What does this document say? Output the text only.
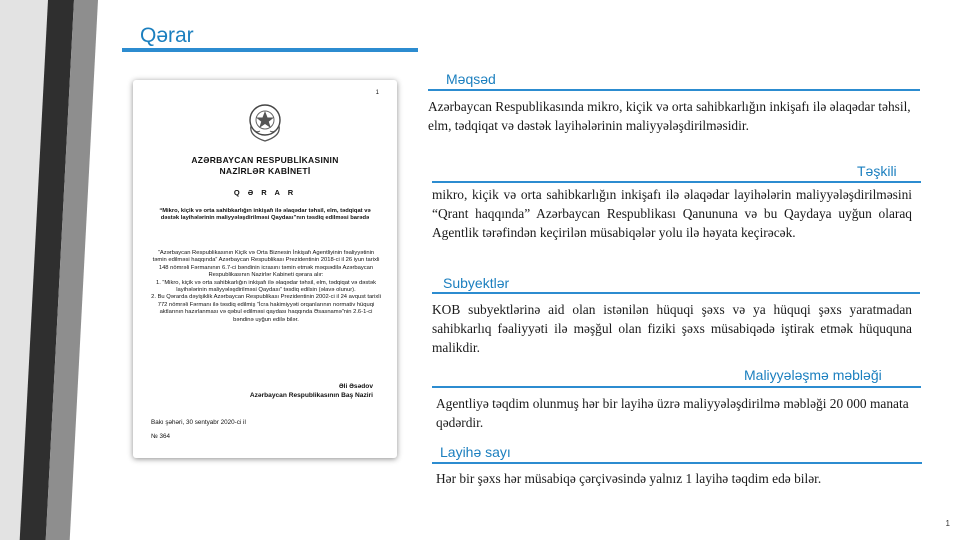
Qərar
1
AZƏRBAYCAN RESPUBLİKASININ
NAZİRLƏR KABİNETİ
Q Ə R A R
“Mikro, kiçik və orta sahibkarlığın inkişafı ilə əlaqədar təhsil, elm, tədqiqat və dəstək layihələrinin maliyyələşdirilməsi Qaydası”nın təsdiq edilməsi barədə

“Azərbaycan Respublikasının Kiçik və Orta Biznesin İnkişafı Agentliyinin fəaliyyətinin təmin edilməsi haqqında” Azərbaycan Respublikası Prezidentinin 2018-ci il 26 iyun tarixli 148 nömrəli Fərmanının 6.7-ci bəndinin icrasını təmin etmək məqsədilə Azərbaycan Respublikasının Nazirlər Kabineti qərara alır:

1. “Mikro, kiçik və orta sahibkarlığın inkişafı ilə əlaqədar təhsil, elm, tədqiqat və dəstək layihələrinin maliyyələşdirilməsi Qaydası” təsdiq edilsin (əlavə olunur).

2. Bu Qərarda dəyişiklik Azərbaycan Respublikası Prezidentinin 2002-ci il 24 avqust tarixli 772 nömrəli Fərmanı ilə təsdiq edilmiş “İcra hakimiyyəti orqanlarının normativ hüquqi aktlarının hazırlanması və qəbul edilməsi qaydası haqqında Əsasnamə”nin 2.6-1-ci bəndinə uyğun edilə bilər.

Əli Əsədov
Azərbaycan Respublikasının Baş Naziri
Bakı şəhəri, 30 sentyabr 2020-ci il
№ 364
Məqsəd
Azərbaycan Respublikasında mikro, kiçik və orta sahibkarlığın inkişafı ilə əlaqədar təhsil, elm, tədqiqat və dəstək layihələrinin maliyyələşdirilməsidir.
Təşkili
mikro, kiçik və orta sahibkarlığın inkişafı ilə əlaqədar layihələrin maliyyələşdirilməsini “Qrant haqqında” Azərbaycan Respublikası Qanununa və bu Qaydaya uyğun olaraq Agentlik tərəfindən keçirilən müsabiqələr yolu ilə həyata keçirəcək.
Subyektlər
KOB subyektlərinə aid olan istənilən hüquqi şəxs və ya hüquqi şəxs yaratmadan sahibkarlıq fəaliyyəti ilə məşğul olan fiziki şəxs müsabiqədə iştirak etmək hüququna malikdir.
Maliyyələşmə məbləği
Agentliyə təqdim olunmuş hər bir layihə üzrə maliyyələşdirilmə məbləği 20 000 manata qədərdir.
Layihə sayı
Hər bir şəxs hər müsabiqə çərçivəsində yalnız 1 layihə təqdim edə bilər.
1
